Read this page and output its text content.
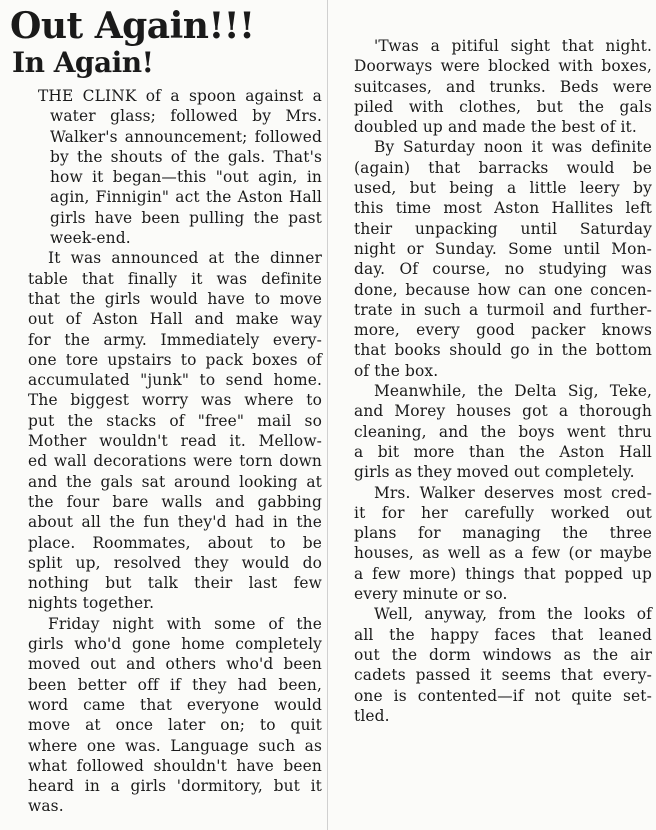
Out Again!!!
In Again!
THE CLINK of a spoon against a
water glass; followed by Mrs.
Walker's announcement; followed
by the shouts of the gals. That's
how it began—this "out agin, in
agin, Finnigin" act the Aston Hall
girls have been pulling the past
week-end.
It was announced at the dinner
table that finally it was definite
that the girls would have to move
out of Aston Hall and make way
for the army. Immediately every-
one tore upstairs to pack boxes of
accumulated "junk" to send home.
The biggest worry was where to
put the stacks of "free" mail so
Mother wouldn't read it. Mellow-
ed wall decorations were torn down
and the gals sat around looking at
the four bare walls and gabbing
about all the fun they'd had in the
place. Roommates, about to be
split up, resolved they would do
nothing but talk their last few
nights together.
Friday night with some of the
girls who'd gone home completely
moved out and others who'd been
been better off if they had been,
word came that everyone would
move at once later on; to quit
where one was. Language such as
what followed shouldn't have been
heard in a girls 'dormitory, but it
was.
'Twas a pitiful sight that night.
Doorways were blocked with boxes,
suitcases, and trunks. Beds were
piled with clothes, but the gals
doubled up and made the best of it.
By Saturday noon it was definite
(again) that barracks would be
used, but being a little leery by
this time most Aston Hallites left
their unpacking until Saturday
night or Sunday. Some until Mon-
day. Of course, no studying was
done, because how can one concen-
trate in such a turmoil and further-
more, every good packer knows
that books should go in the bottom
of the box.
Meanwhile, the Delta Sig, Teke,
and Morey houses got a thorough
cleaning, and the boys went thru
a bit more than the Aston Hall
girls as they moved out completely.
Mrs. Walker deserves most cred-
it for her carefully worked out
plans for managing the three
houses, as well as a few (or maybe
a few more) things that popped up
every minute or so.
Well, anyway, from the looks of
all the happy faces that leaned
out the dorm windows as the air
cadets passed it seems that every-
one is contented—if not quite set-
tled.
